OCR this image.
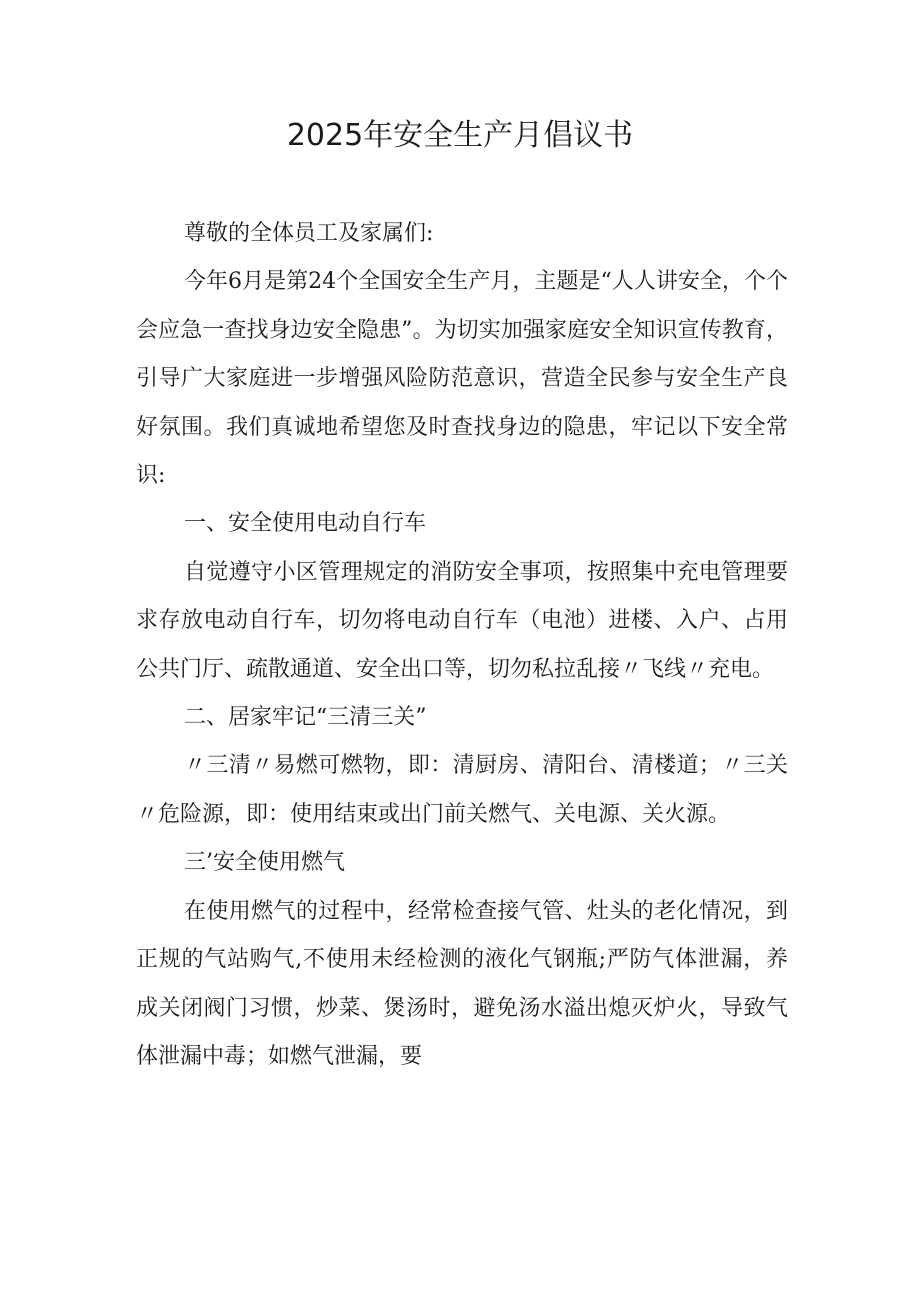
2025年安全生产月倡议书

尊敬的全体员工及家属们:

今年6月是第24个全国安全生产月，主题是“人人讲安全，个个会应急一查找身边安全隐患”。为切实加强家庭安全知识宣传教育，引导广大家庭进一步增强风险防范意识，营造全民参与安全生产良好氛围。我们真诚地希望您及时查找身边的隐患，牢记以下安全常识:

一、安全使用电动自行车

自觉遵守小区管理规定的消防安全事项，按照集中充电管理要求存放电动自行车，切勿将电动自行车（电池）进楼、入户、占用公共门厅、疏散通道、安全出口等，切勿私拉乱接〃飞线〃充电。

二、居家牢记“三清三关”

〃三清〃易燃可燃物，即：清厨房、清阳台、清楼道；〃三关〃危险源，即：使用结束或出门前关燃气、关电源、关火源。

三’安全使用燃气

在使用燃气的过程中，经常检查接气管、灶头的老化情况，到正规的气站购气,不使用未经检测的液化气钢瓶;严防气体泄漏，养成关闭阀门习惯，炒菜、煲汤时，避免汤水溢出熄灭炉火，导致气体泄漏中毒；如燃气泄漏，要
